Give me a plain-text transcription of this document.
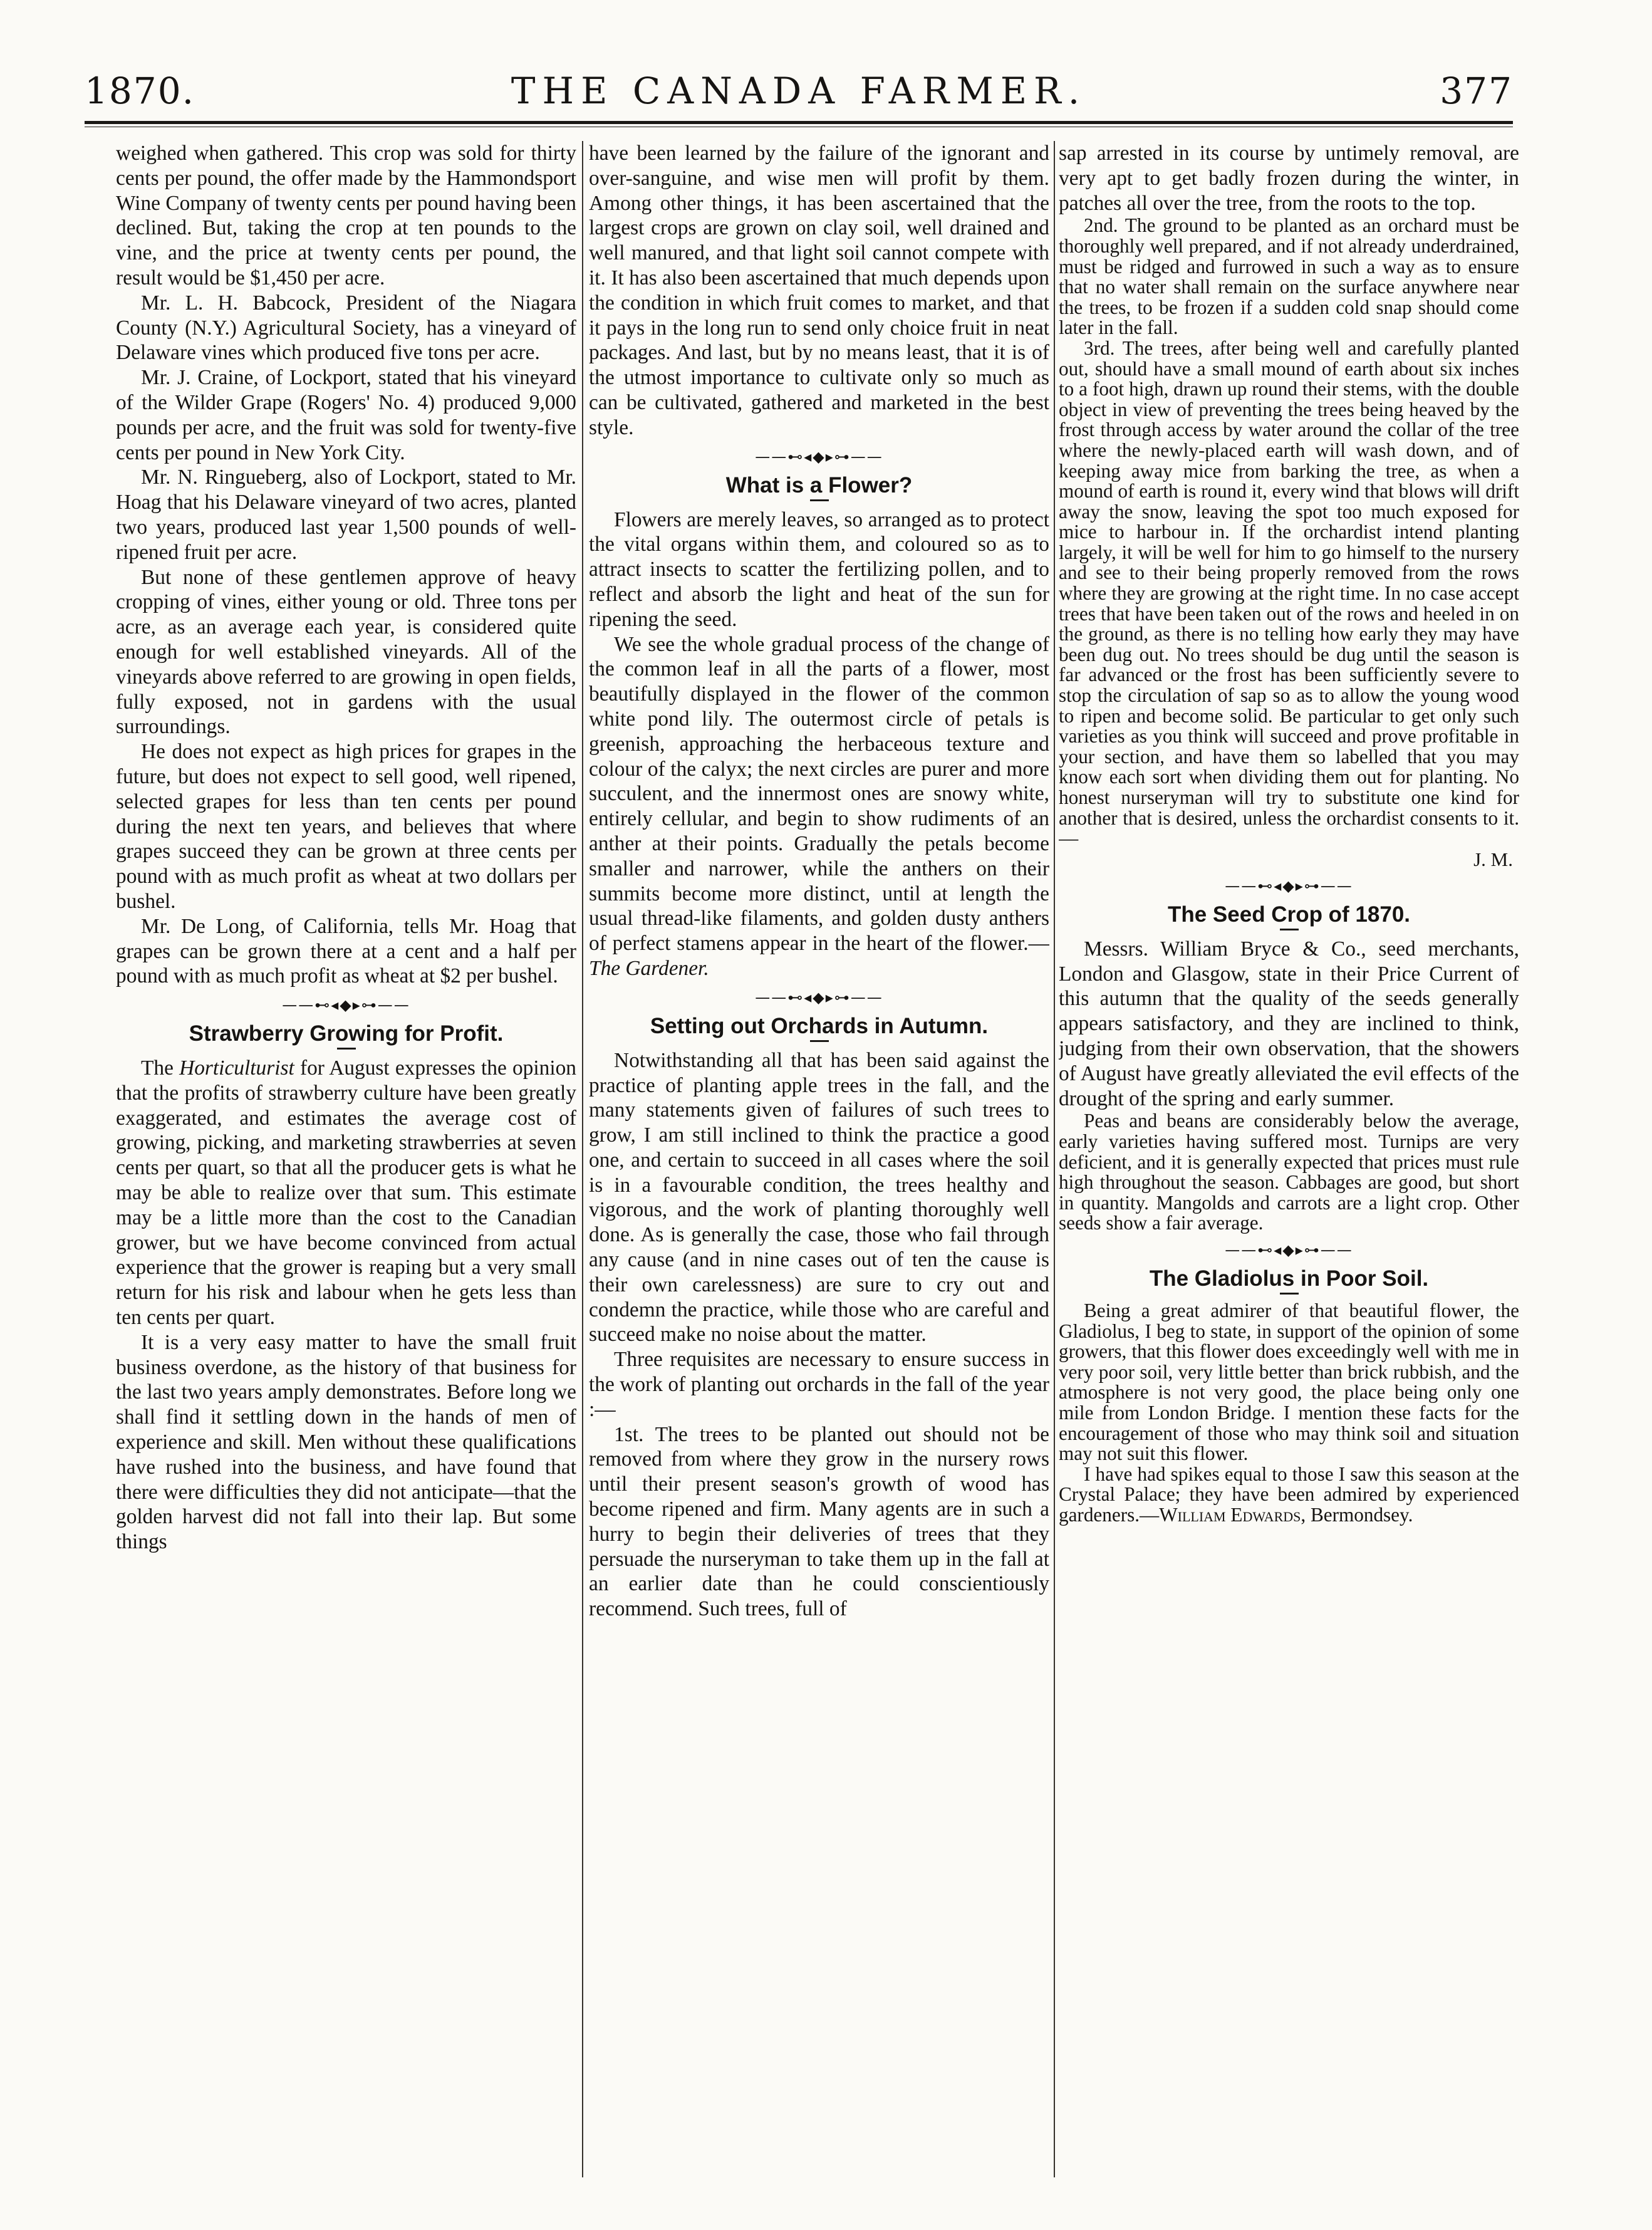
1870.	THE CANADA FARMER.	377

weighed when gathered. This crop was sold for thirty cents per pound, the offer made by the Hammondsport Wine Company of twenty cents per pound having been declined. But, taking the crop at ten pounds to the vine, and the price at twenty cents per pound, the result would be $1,450 per acre.

Mr. L. H. Babcock, President of the Niagara County (N.Y.) Agricultural Society, has a vineyard of Delaware vines which produced five tons per acre.

Mr. J. Craine, of Lockport, stated that his vineyard of the Wilder Grape (Rogers' No. 4) produced 9,000 pounds per acre, and the fruit was sold for twenty-five cents per pound in New York City.

Mr. N. Ringueberg, also of Lockport, stated to Mr. Hoag that his Delaware vineyard of two acres, planted two years, produced last year 1,500 pounds of well-ripened fruit per acre.

But none of these gentlemen approve of heavy cropping of vines, either young or old. Three tons per acre, as an average each year, is considered quite enough for well established vineyards. All of the vineyards above referred to are growing in open fields, fully exposed, not in gardens with the usual surroundings.

He does not expect as high prices for grapes in the future, but does not expect to sell good, well ripened, selected grapes for less than ten cents per pound during the next ten years, and believes that where grapes succeed they can be grown at three cents per pound with as much profit as wheat at two dollars per bushel.

Mr. De Long, of California, tells Mr. Hoag that grapes can be grown there at a cent and a half per pound with as much profit as wheat at $2 per bushel.

——⊷◂◆▸⊶——
Strawberry Growing for Profit.

The Horticulturist for August expresses the opinion that the profits of strawberry culture have been greatly exaggerated, and estimates the average cost of growing, picking, and marketing strawberries at seven cents per quart, so that all the producer gets is what he may be able to realize over that sum. This estimate may be a little more than the cost to the Canadian grower, but we have become convinced from actual experience that the grower is reaping but a very small return for his risk and labour when he gets less than ten cents per quart.

It is a very easy matter to have the small fruit business overdone, as the history of that business for the last two years amply demonstrates. Before long we shall find it settling down in the hands of men of experience and skill. Men without these qualifications have rushed into the business, and have found that there were difficulties they did not anticipate—that the golden harvest did not fall into their lap. But some things

have been learned by the failure of the ignorant and over-sanguine, and wise men will profit by them. Among other things, it has been ascertained that the largest crops are grown on clay soil, well drained and well manured, and that light soil cannot compete with it. It has also been ascertained that much depends upon the condition in which fruit comes to market, and that it pays in the long run to send only choice fruit in neat packages. And last, but by no means least, that it is of the utmost importance to cultivate only so much as can be cultivated, gathered and marketed in the best style.

——⊷◂◆▸⊶——
What is a Flower?

Flowers are merely leaves, so arranged as to protect the vital organs within them, and coloured so as to attract insects to scatter the fertilizing pollen, and to reflect and absorb the light and heat of the sun for ripening the seed.

We see the whole gradual process of the change of the common leaf in all the parts of a flower, most beautifully displayed in the flower of the common white pond lily. The outermost circle of petals is greenish, approaching the herbaceous texture and colour of the calyx; the next circles are purer and more succulent, and the innermost ones are snowy white, entirely cellular, and begin to show rudiments of an anther at their points. Gradually the petals become smaller and narrower, while the anthers on their summits become more distinct, until at length the usual thread-like filaments, and golden dusty anthers of perfect stamens appear in the heart of the flower.—The Gardener.

——⊷◂◆▸⊶——
Setting out Orchards in Autumn.

Notwithstanding all that has been said against the practice of planting apple trees in the fall, and the many statements given of failures of such trees to grow, I am still inclined to think the practice a good one, and certain to succeed in all cases where the soil is in a favourable condition, the trees healthy and vigorous, and the work of planting thoroughly well done. As is generally the case, those who fail through any cause (and in nine cases out of ten the cause is their own carelessness) are sure to cry out and condemn the practice, while those who are careful and succeed make no noise about the matter.

Three requisites are necessary to ensure success in the work of planting out orchards in the fall of the year :—

1st. The trees to be planted out should not be removed from where they grow in the nursery rows until their present season's growth of wood has become ripened and firm. Many agents are in such a hurry to begin their deliveries of trees that they persuade the nurseryman to take them up in the fall at an earlier date than he could conscientiously recommend. Such trees, full of

sap arrested in its course by untimely removal, are very apt to get badly frozen during the winter, in patches all over the tree, from the roots to the top.

2nd. The ground to be planted as an orchard must be thoroughly well prepared, and if not already underdrained, must be ridged and furrowed in such a way as to ensure that no water shall remain on the surface anywhere near the trees, to be frozen if a sudden cold snap should come later in the fall.

3rd. The trees, after being well and carefully planted out, should have a small mound of earth about six inches to a foot high, drawn up round their stems, with the double object in view of preventing the trees being heaved by the frost through access by water around the collar of the tree where the newly-placed earth will wash down, and of keeping away mice from barking the tree, as when a mound of earth is round it, every wind that blows will drift away the snow, leaving the spot too much exposed for mice to harbour in. If the orchardist intend planting largely, it will be well for him to go himself to the nursery and see to their being properly removed from the rows where they are growing at the right time. In no case accept trees that have been taken out of the rows and heeled in on the ground, as there is no telling how early they may have been dug out. No trees should be dug until the season is far advanced or the frost has been sufficiently severe to stop the circulation of sap so as to allow the young wood to ripen and become solid. Be particular to get only such varieties as you think will succeed and prove profitable in your section, and have them so labelled that you may know each sort when dividing them out for planting. No honest nurseryman will try to substitute one kind for another that is desired, unless the orchardist consents to it.—

J. M.

——⊷◂◆▸⊶——
The Seed Crop of 1870.

Messrs. William Bryce & Co., seed merchants, London and Glasgow, state in their Price Current of this autumn that the quality of the seeds generally appears satisfactory, and they are inclined to think, judging from their own observation, that the showers of August have greatly alleviated the evil effects of the drought of the spring and early summer.

Peas and beans are considerably below the average, early varieties having suffered most. Turnips are very deficient, and it is generally expected that prices must rule high throughout the season. Cabbages are good, but short in quantity. Mangolds and carrots are a light crop. Other seeds show a fair average.

——⊷◂◆▸⊶——
The Gladiolus in Poor Soil.

Being a great admirer of that beautiful flower, the Gladiolus, I beg to state, in support of the opinion of some growers, that this flower does exceedingly well with me in very poor soil, very little better than brick rubbish, and the atmosphere is not very good, the place being only one mile from London Bridge. I mention these facts for the encouragement of those who may think soil and situation may not suit this flower.

I have had spikes equal to those I saw this season at the Crystal Palace; they have been admired by experienced gardeners.—William Edwards, Bermondsey.
